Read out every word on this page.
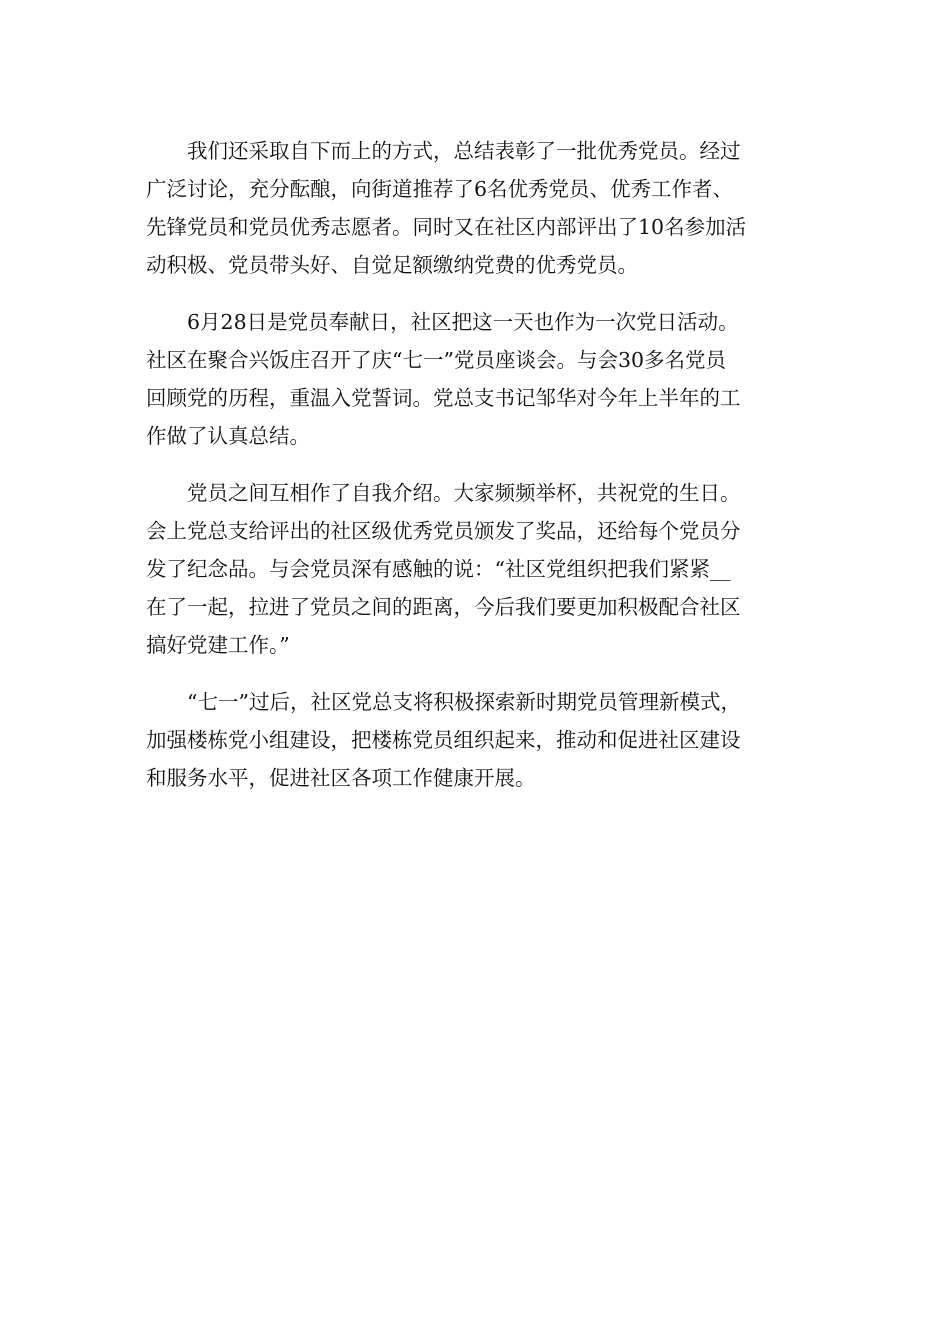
我们还采取自下而上的方式，总结表彰了一批优秀党员。经过
广泛讨论，充分酝酿，向街道推荐了6名优秀党员、优秀工作者、
先锋党员和党员优秀志愿者。同时又在社区内部评出了10名参加活
动积极、党员带头好、自觉足额缴纳党费的优秀党员。
6月28日是党员奉献日，社区把这一天也作为一次党日活动。
社区在聚合兴饭庄召开了庆“七一”党员座谈会。与会30多名党员
回顾党的历程，重温入党誓词。党总支书记邹华对今年上半年的工
作做了认真总结。
党员之间互相作了自我介绍。大家频频举杯，共祝党的生日。
会上党总支给评出的社区级优秀党员颁发了奖品，还给每个党员分
发了纪念品。与会党员深有感触的说：“社区党组织把我们紧紧__
在了一起，拉进了党员之间的距离，今后我们要更加积极配合社区
搞好党建工作。”
“七一”过后，社区党总支将积极探索新时期党员管理新模式，
加强楼栋党小组建设，把楼栋党员组织起来，推动和促进社区建设
和服务水平，促进社区各项工作健康开展。
